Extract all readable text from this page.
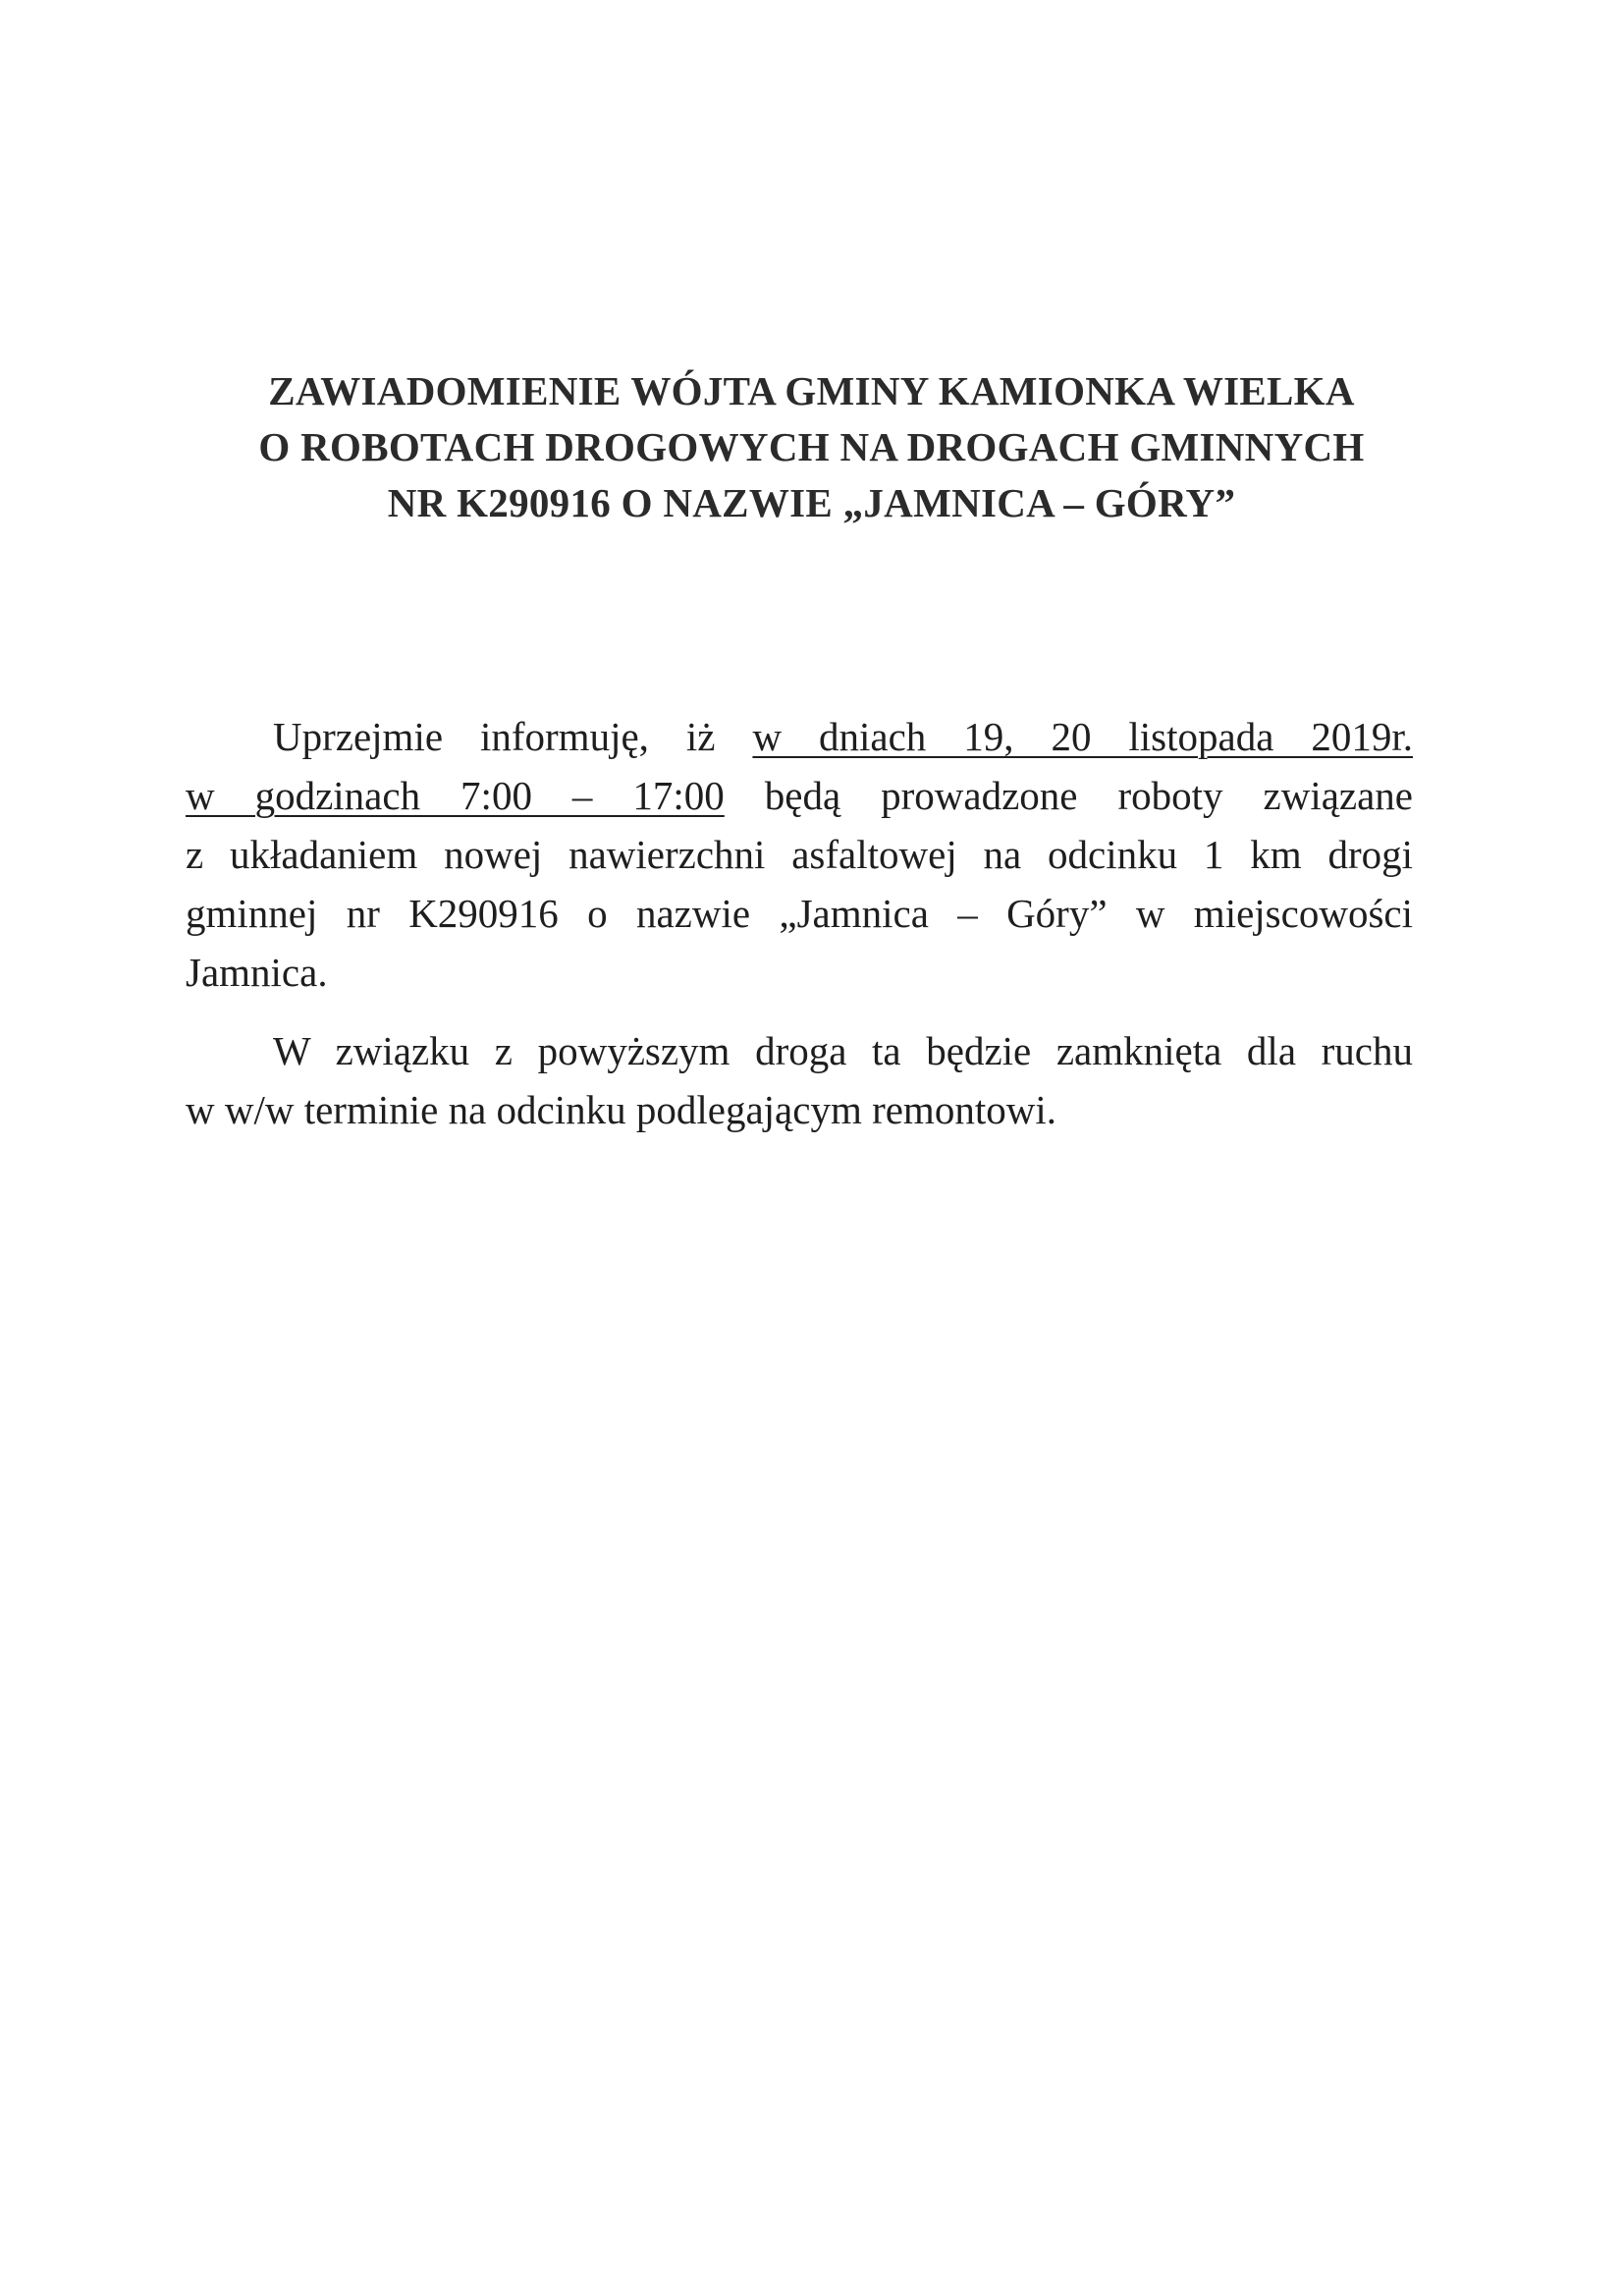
ZAWIADOMIENIE WÓJTA GMINY KAMIONKA WIELKA
O ROBOTACH DROGOWYCH NA DROGACH GMINNYCH
NR K290916 O NAZWIE „JAMNICA – GÓRY”
Uprzejmie informuję, iż w dniach 19, 20 listopada 2019r.
w godzinach 7:00 – 17:00 będą prowadzone roboty związane
z układaniem nowej nawierzchni asfaltowej na odcinku 1 km drogi
gminnej nr K290916 o nazwie „Jamnica – Góry” w miejscowości
Jamnica.
W związku z powyższym droga ta będzie zamknięta dla ruchu
w w/w terminie na odcinku podlegającym remontowi.
